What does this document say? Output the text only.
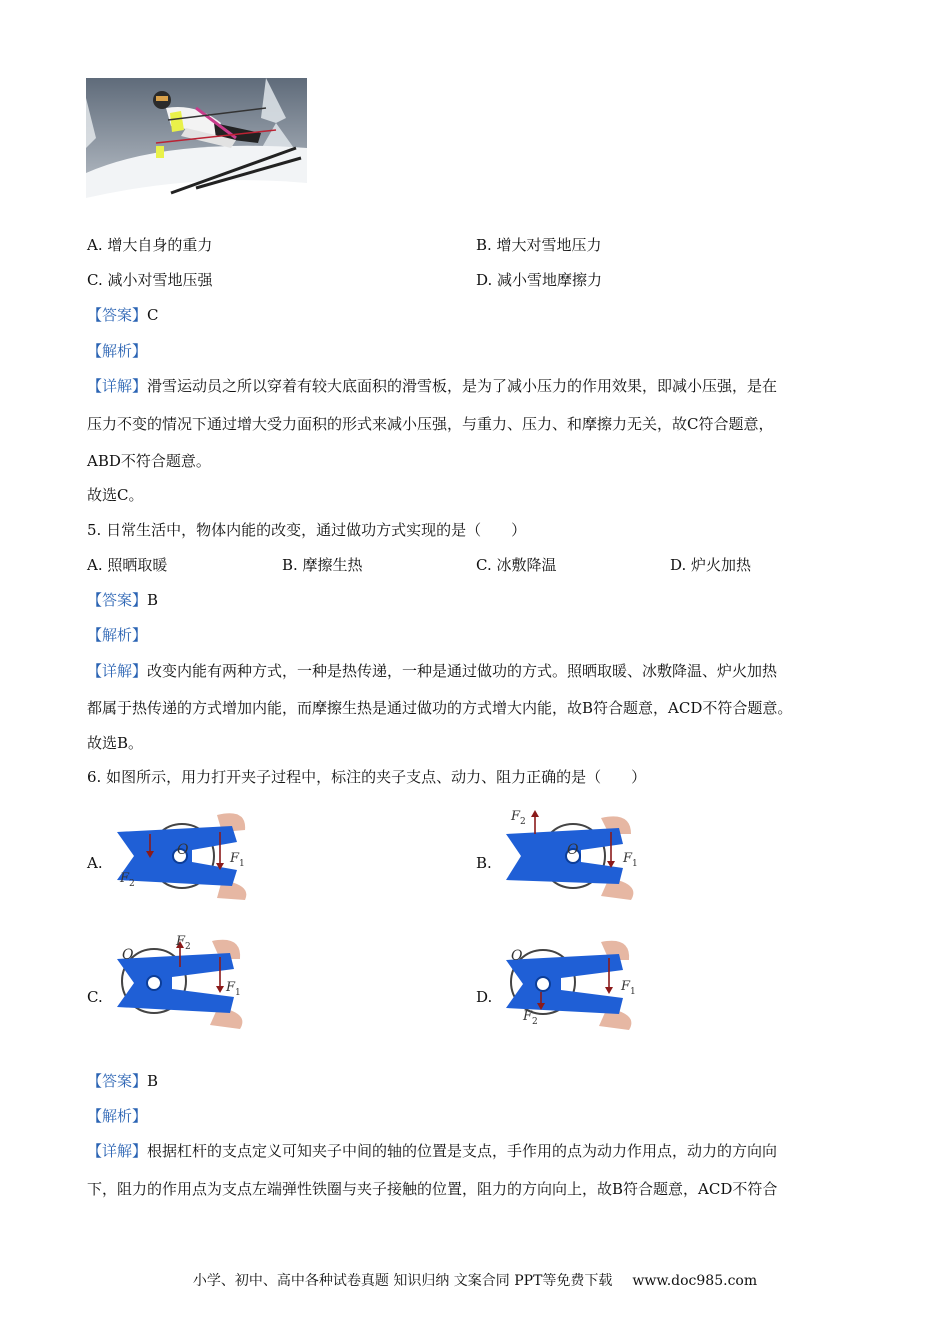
A. 增大自身的重力	B. 增大对雪地压力
C. 减小对雪地压强	D. 减小雪地摩擦力
【答案】C
【解析】
【详解】滑雪运动员之所以穿着有较大底面积的滑雪板，是为了减小压力的作用效果，即减小压强，是在
压力不变的情况下通过增大受力面积的形式来减小压强，与重力、压力、和摩擦力无关，故C符合题意，
ABD不符合题意。
故选C。
5. 日常生活中，物体内能的改变，通过做功方式实现的是（　　）
A. 照晒取暖	B. 摩擦生热	C. 冰敷降温	D. 炉火加热
【答案】B
【解析】
【详解】改变内能有两种方式，一种是热传递，一种是通过做功的方式。照晒取暖、冰敷降温、炉火加热
都属于热传递的方式增加内能，而摩擦生热是通过做功的方式增大内能，故B符合题意，ACD不符合题意。
故选B。
6. 如图所示，用力打开夹子过程中，标注的夹子支点、动力、阻力正确的是（　　）
A.	B.
C.	D.
O
F 1
F 2
O
F 1
F 2
O
F 1
F 2
O
F 1
F 2
【答案】B
【解析】
【详解】根据杠杆的支点定义可知夹子中间的轴的位置是支点，手作用的点为动力作用点，动力的方向向
下，阻力的作用点为支点左端弹性铁圈与夹子接触的位置，阻力的方向向上，故B符合题意，ACD不符合
小学、初中、高中各种试卷真题 知识归纳 文案合同 PPT等免费下载 www.doc985.com
